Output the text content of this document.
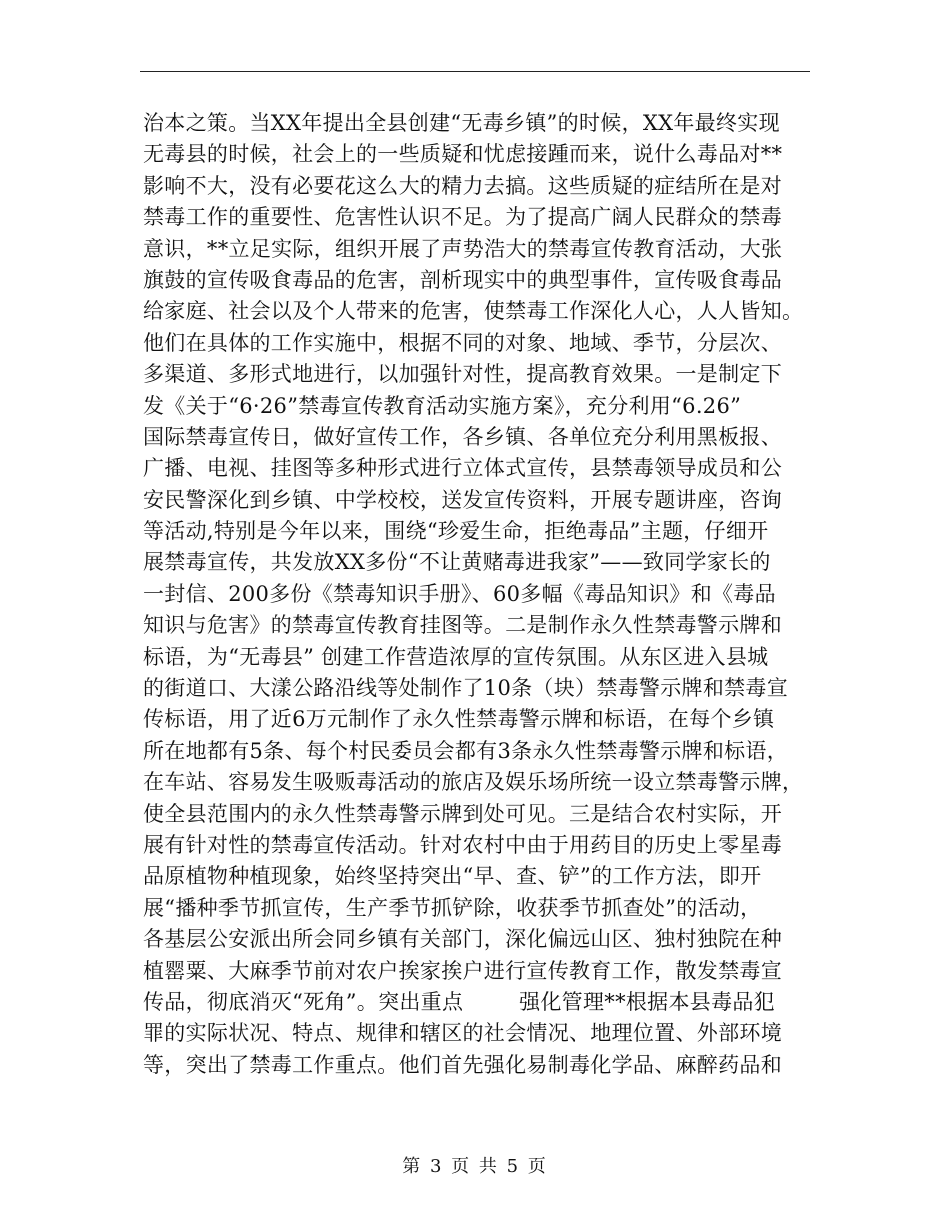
治本之策。当XX年提出全县创建“无毒乡镇”的时候，XX年最终实现
无毒县的时候，社会上的一些质疑和忧虑接踵而来，说什么毒品对**
影响不大，没有必要花这么大的精力去搞。这些质疑的症结所在是对
禁毒工作的重要性、危害性认识不足。为了提高广阔人民群众的禁毒
意识，**立足实际，组织开展了声势浩大的禁毒宣传教育活动，大张
旗鼓的宣传吸食毒品的危害，剖析现实中的典型事件，宣传吸食毒品
给家庭、社会以及个人带来的危害，使禁毒工作深化人心，人人皆知。
他们在具体的工作实施中，根据不同的对象、地域、季节，分层次、
多渠道、多形式地进行，以加强针对性，提高教育效果。一是制定下
发《关于“6·26”禁毒宣传教育活动实施方案》，充分利用“6.26”
国际禁毒宣传日，做好宣传工作，各乡镇、各单位充分利用黑板报、
广播、电视、挂图等多种形式进行立体式宣传，县禁毒领导成员和公
安民警深化到乡镇、中学校校，送发宣传资料，开展专题讲座，咨询
等活动,特别是今年以来，围绕“珍爱生命，拒绝毒品”主题，仔细开
展禁毒宣传，共发放XX多份“不让黄赌毒进我家”——致同学家长的
一封信、200多份《禁毒知识手册》、60多幅《毒品知识》和《毒品
知识与危害》的禁毒宣传教育挂图等。二是制作永久性禁毒警示牌和
标语，为“无毒县” 创建工作营造浓厚的宣传氛围。从东区进入县城
的街道口、大漾公路沿线等处制作了10条（块）禁毒警示牌和禁毒宣
传标语，用了近6万元制作了永久性禁毒警示牌和标语，在每个乡镇
所在地都有5条、每个村民委员会都有3条永久性禁毒警示牌和标语，
在车站、容易发生吸贩毒活动的旅店及娱乐场所统一设立禁毒警示牌，
使全县范围内的永久性禁毒警示牌到处可见。三是结合农村实际，开
展有针对性的禁毒宣传活动。针对农村中由于用药目的历史上零星毒
品原植物种植现象，始终坚持突出“早、查、铲”的工作方法，即开
展“播种季节抓宣传，生产季节抓铲除，收获季节抓查处”的活动，
各基层公安派出所会同乡镇有关部门，深化偏远山区、独村独院在种
植罂粟、大麻季节前对农户挨家挨户进行宣传教育工作，散发禁毒宣
传品，彻底消灭“死角”。突出重点        强化管理**根据本县毒品犯
罪的实际状况、特点、规律和辖区的社会情况、地理位置、外部环境
等，突出了禁毒工作重点。他们首先强化易制毒化学品、麻醉药品和
第 3 页 共 5 页
